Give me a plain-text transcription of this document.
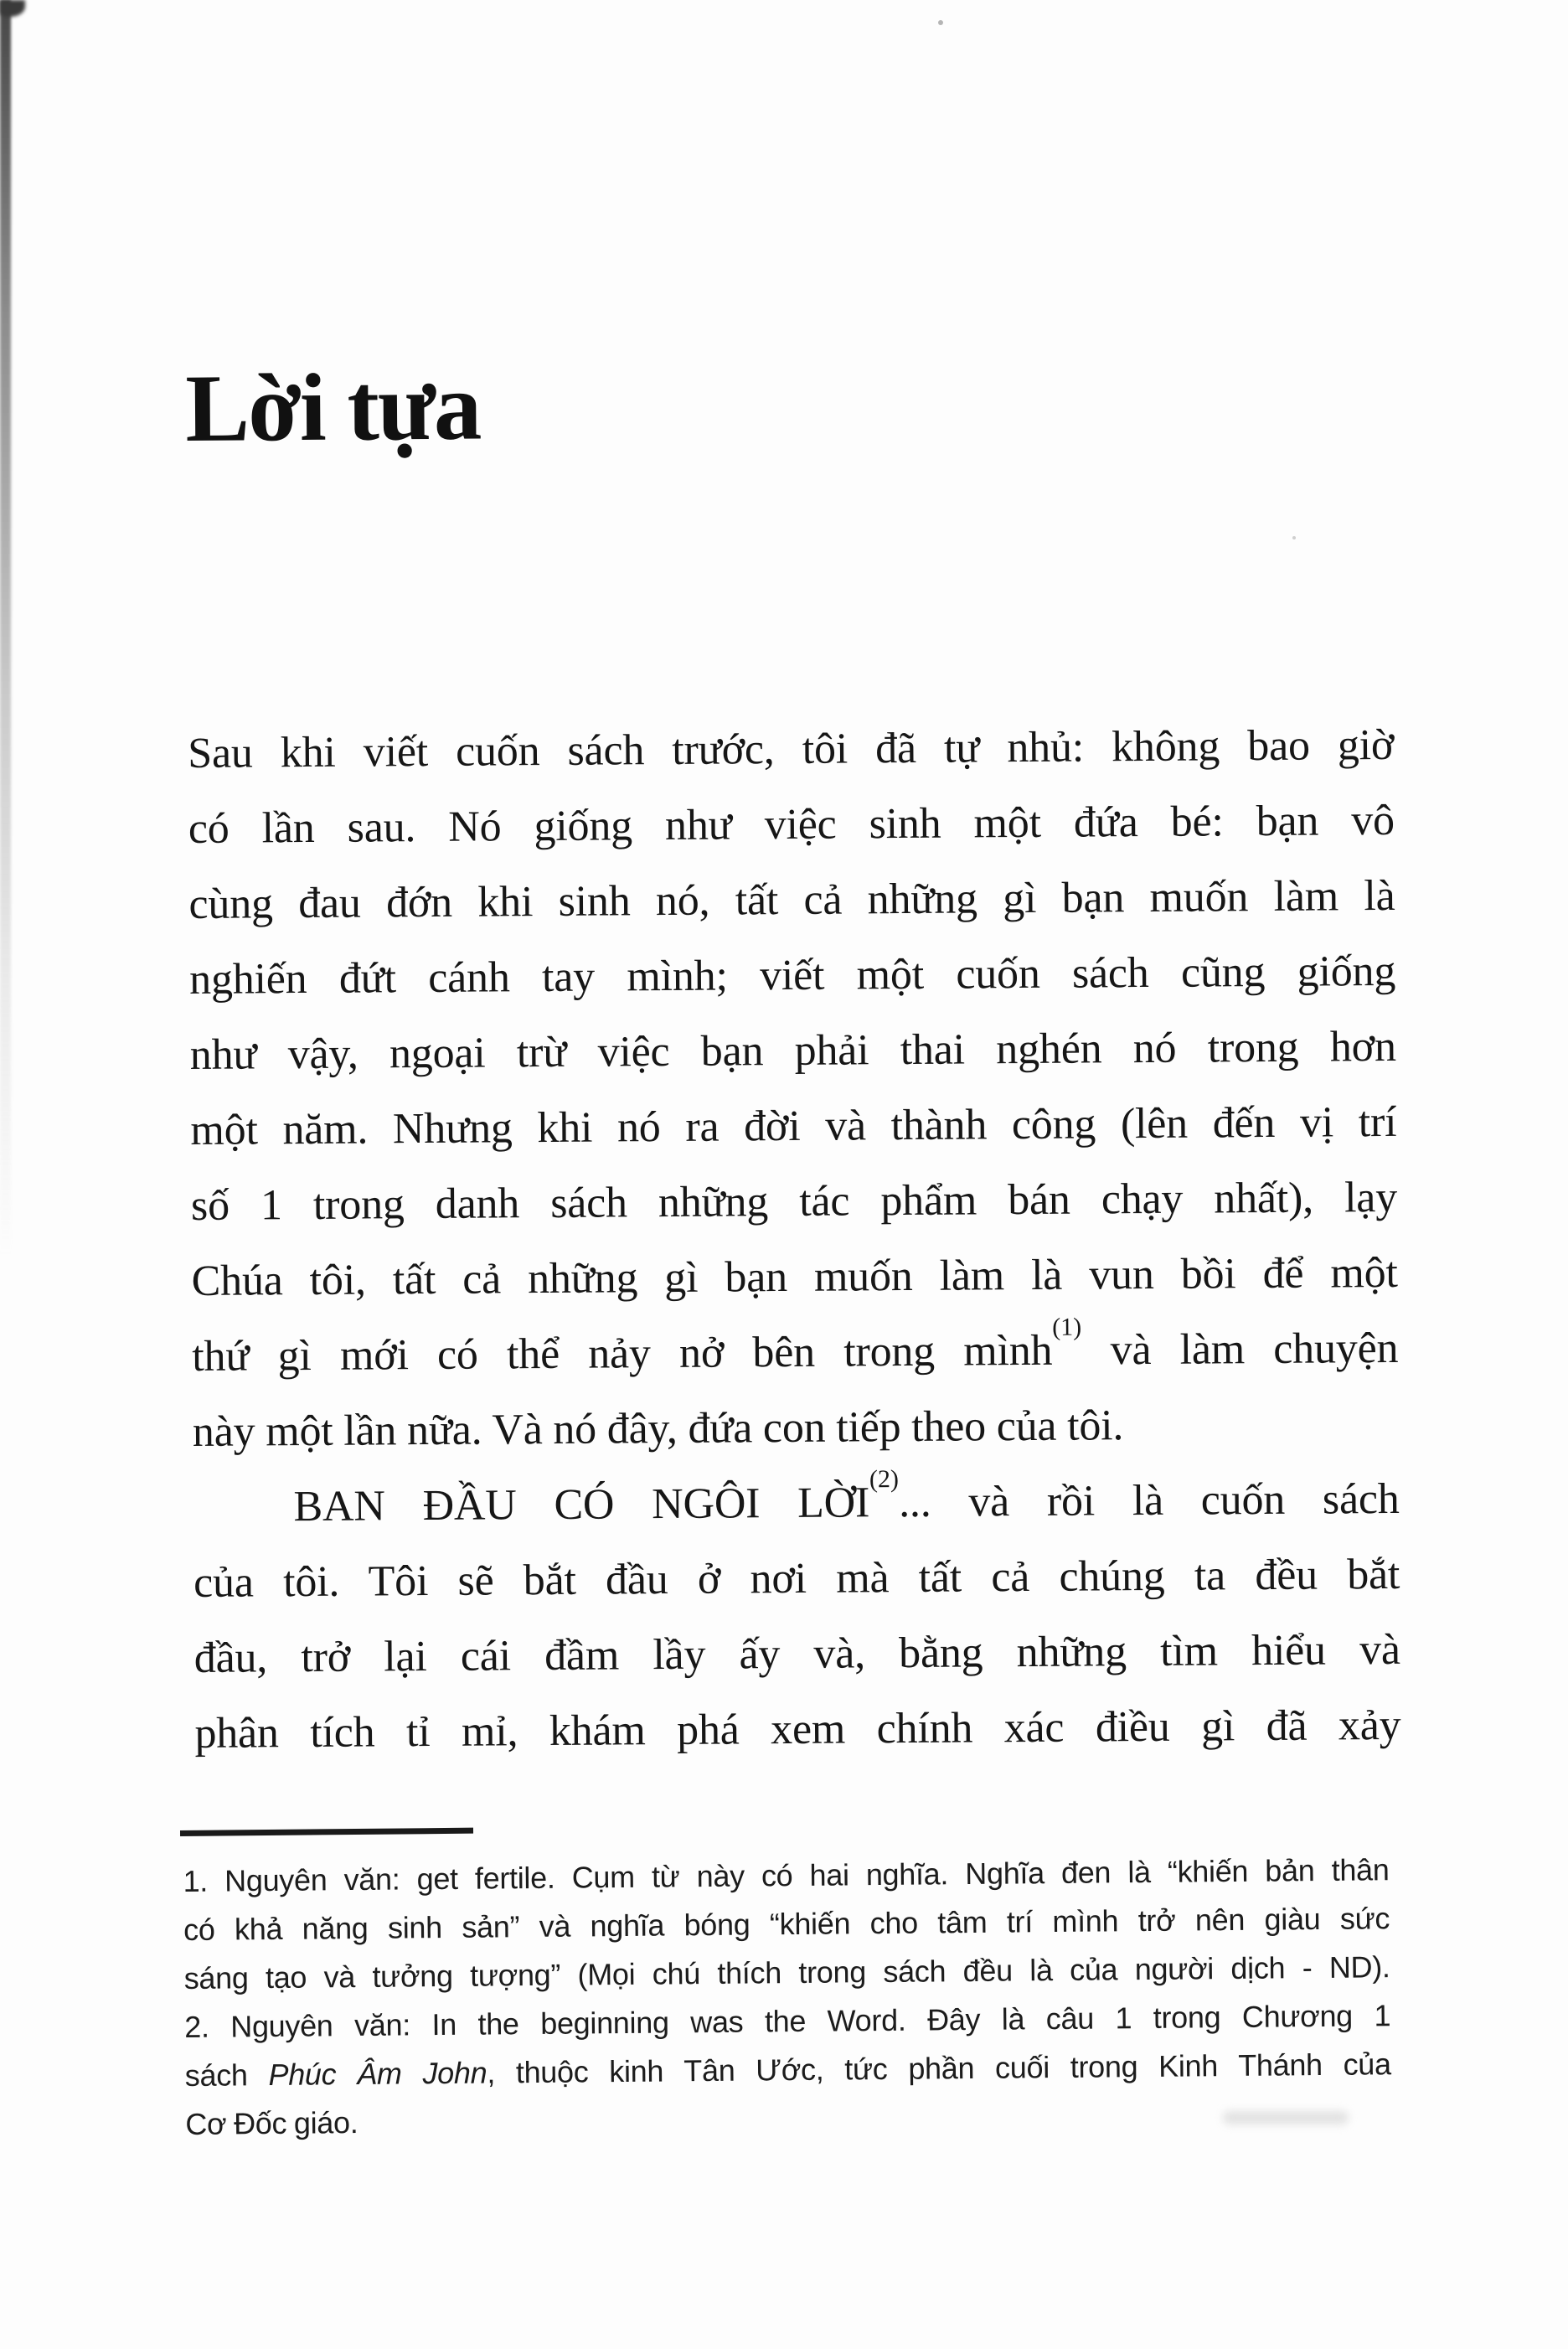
Lời tựa
Sau khi viết cuốn sách trước, tôi đã tự nhủ: không bao giờ
có lần sau. Nó giống như việc sinh một đứa bé: bạn vô
cùng đau đớn khi sinh nó, tất cả những gì bạn muốn làm là
nghiến đứt cánh tay mình; viết một cuốn sách cũng giống
như vậy, ngoại trừ việc bạn phải thai nghén nó trong hơn
một năm. Nhưng khi nó ra đời và thành công (lên đến vị trí
số 1 trong danh sách những tác phẩm bán chạy nhất), lạy
Chúa tôi, tất cả những gì bạn muốn làm là vun bồi để một
thứ gì mới có thể nảy nở bên trong mình$^{(1)}$ và làm chuyện
này một lần nữa. Và nó đây, đứa con tiếp theo của tôi.
BAN ĐẦU CÓ NGÔI LỜI$^{(2)}$... và rồi là cuốn sách
của tôi. Tôi sẽ bắt đầu ở nơi mà tất cả chúng ta đều bắt
đầu, trở lại cái đầm lầy ấy và, bằng những tìm hiểu và
phân tích tỉ mỉ, khám phá xem chính xác điều gì đã xảy
1. Nguyên văn: get fertile. Cụm từ này có hai nghĩa. Nghĩa đen là “khiến bản thân
có khả năng sinh sản” và nghĩa bóng “khiến cho tâm trí mình trở nên giàu sức
sáng tạo và tưởng tượng” (Mọi chú thích trong sách đều là của người dịch - ND).
2. Nguyên văn: In the beginning was the Word. Đây là câu 1 trong Chương 1
sách Phúc Âm John, thuộc kinh Tân Ước, tức phần cuối trong Kinh Thánh của
Cơ Đốc giáo.
